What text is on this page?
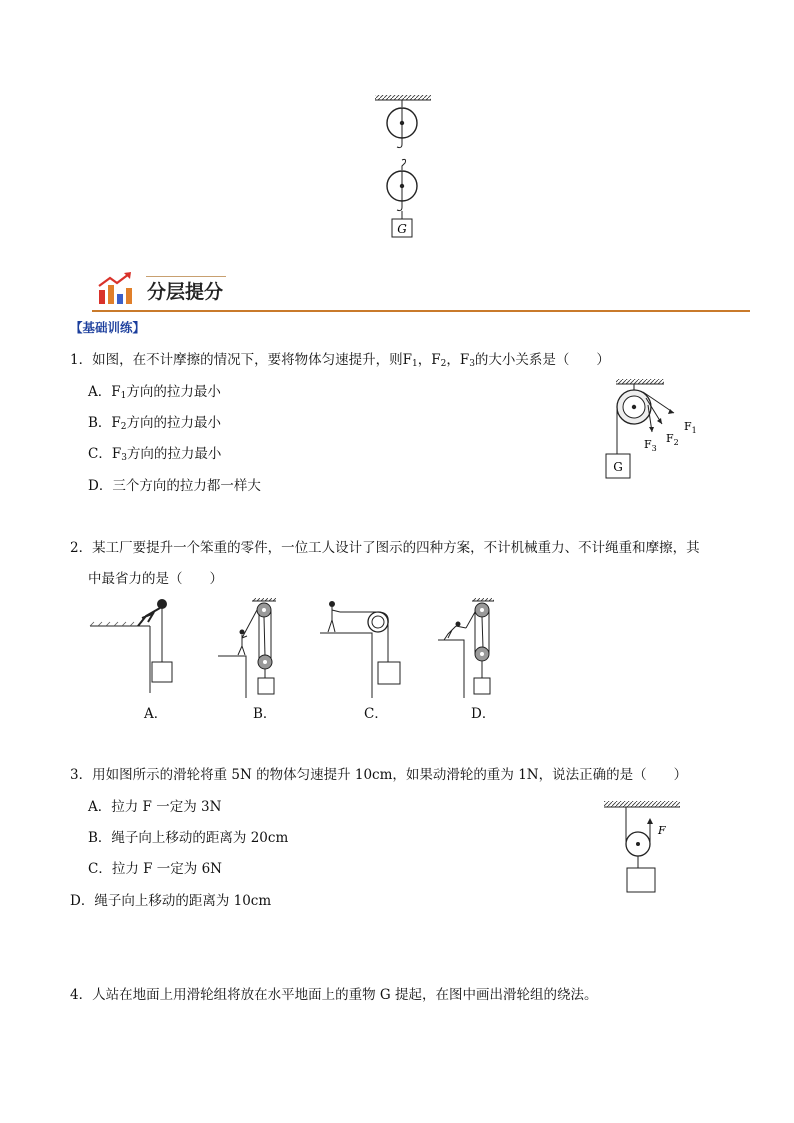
G
分层提分
【基础训练】
1．如图，在不计摩擦的情况下，要将物体匀速提升，则$F_1$，$F_2$，$F_3$的大小关系是（　　）
A．$F_1$方向的拉力最小
B．$F_2$方向的拉力最小
C．$F_3$方向的拉力最小
D．三个方向的拉力都一样大
G
$F_1$
$F_2$
$F_3$
2．某工厂要提升一个笨重的零件，一位工人设计了图示的四种方案，不计机械重力、不计绳重和摩擦，其
中最省力的是（　　）
A．	B．	C．	D．
3．用如图所示的滑轮将重 5N 的物体匀速提升 10cm，如果动滑轮的重为 1N，说法正确的是（　　）
A．拉力 F 一定为 3N
B．绳子向上移动的距离为 20cm
C．拉力 F 一定为 6N
D．绳子向上移动的距离为 10cm
F
4．人站在地面上用滑轮组将放在水平地面上的重物 G 提起，在图中画出滑轮组的绕法。
